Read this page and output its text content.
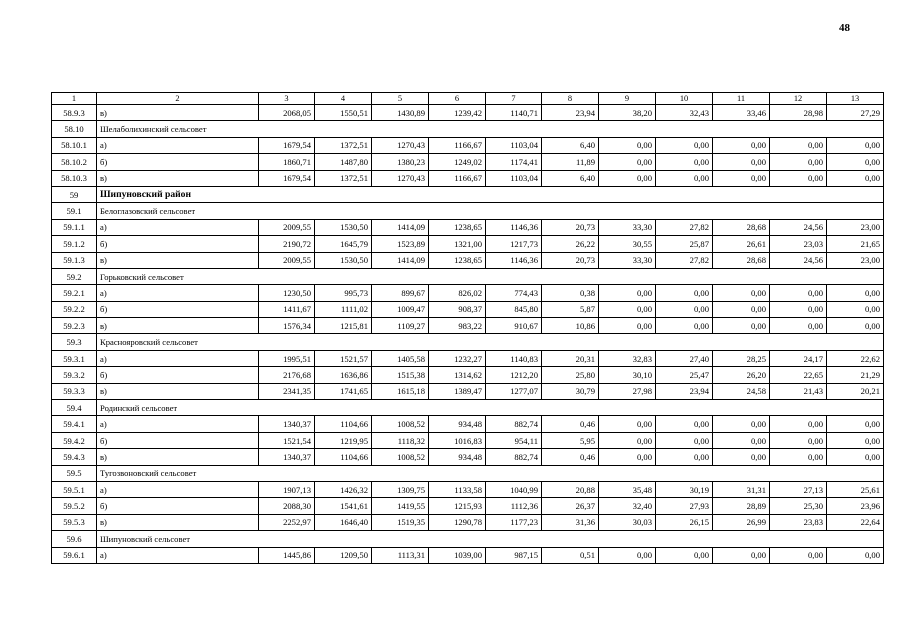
48
1	2	3	4	5	6	7	8	9	10	11	12	13
58.9.3	в)	2068,05	1550,51	1430,89	1239,42	1140,71	23,94	38,20	32,43	33,46	28,98	27,29
58.10	Шелаболихинский сельсовет											
58.10.1	а)	1679,54	1372,51	1270,43	1166,67	1103,04	6,40	0,00	0,00	0,00	0,00	0,00
58.10.2	б)	1860,71	1487,80	1380,23	1249,02	1174,41	11,89	0,00	0,00	0,00	0,00	0,00
58.10.3	в)	1679,54	1372,51	1270,43	1166,67	1103,04	6,40	0,00	0,00	0,00	0,00	0,00
59	Шипуновский район											
59.1	Белоглазовский сельсовет											
59.1.1	а)	2009,55	1530,50	1414,09	1238,65	1146,36	20,73	33,30	27,82	28,68	24,56	23,00
59.1.2	б)	2190,72	1645,79	1523,89	1321,00	1217,73	26,22	30,55	25,87	26,61	23,03	21,65
59.1.3	в)	2009,55	1530,50	1414,09	1238,65	1146,36	20,73	33,30	27,82	28,68	24,56	23,00
59.2	Горьковский сельсовет											
59.2.1	а)	1230,50	995,73	899,67	826,02	774,43	0,38	0,00	0,00	0,00	0,00	0,00
59.2.2	б)	1411,67	1111,02	1009,47	908,37	845,80	5,87	0,00	0,00	0,00	0,00	0,00
59.2.3	в)	1576,34	1215,81	1109,27	983,22	910,67	10,86	0,00	0,00	0,00	0,00	0,00
59.3	Краснояровский сельсовет											
59.3.1	а)	1995,51	1521,57	1405,58	1232,27	1140,83	20,31	32,83	27,40	28,25	24,17	22,62
59.3.2	б)	2176,68	1636,86	1515,38	1314,62	1212,20	25,80	30,10	25,47	26,20	22,65	21,29
59.3.3	в)	2341,35	1741,65	1615,18	1389,47	1277,07	30,79	27,98	23,94	24,58	21,43	20,21
59.4	Родинский сельсовет											
59.4.1	а)	1340,37	1104,66	1008,52	934,48	882,74	0,46	0,00	0,00	0,00	0,00	0,00
59.4.2	б)	1521,54	1219,95	1118,32	1016,83	954,11	5,95	0,00	0,00	0,00	0,00	0,00
59.4.3	в)	1340,37	1104,66	1008,52	934,48	882,74	0,46	0,00	0,00	0,00	0,00	0,00
59.5	Тугозвоновский сельсовет											
59.5.1	а)	1907,13	1426,32	1309,75	1133,58	1040,99	20,88	35,48	30,19	31,31	27,13	25,61
59.5.2	б)	2088,30	1541,61	1419,55	1215,93	1112,36	26,37	32,40	27,93	28,89	25,30	23,96
59.5.3	в)	2252,97	1646,40	1519,35	1290,78	1177,23	31,36	30,03	26,15	26,99	23,83	22,64
59.6	Шипуновский сельсовет											
59.6.1	а)	1445,86	1209,50	1113,31	1039,00	987,15	0,51	0,00	0,00	0,00	0,00	0,00
